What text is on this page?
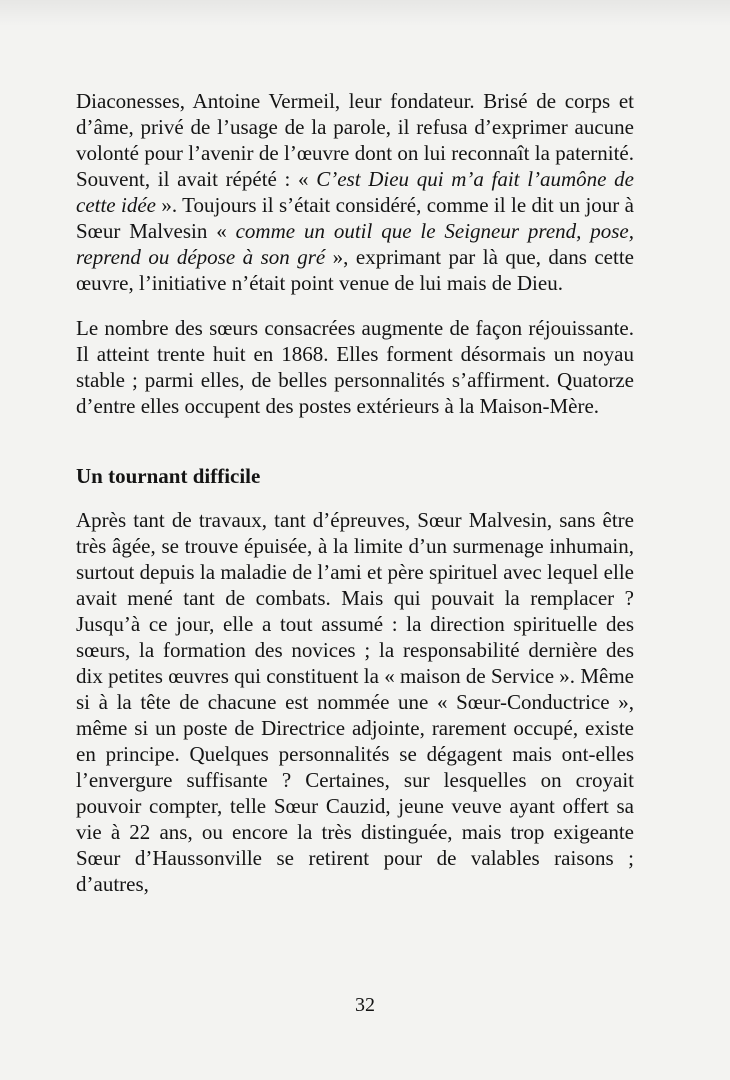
Diaconesses, Antoine Vermeil, leur fondateur. Brisé de corps et d’âme, privé de l’usage de la parole, il refusa d’exprimer aucune volonté pour l’avenir de l’œuvre dont on lui reconnaît la paternité. Souvent, il avait répété : « C’est Dieu qui m’a fait l’aumône de cette idée ». Toujours il s’était considéré, comme il le dit un jour à Sœur Malvesin « comme un outil que le Seigneur prend, pose, reprend ou dépose à son gré », exprimant par là que, dans cette œuvre, l’initiative n’était point venue de lui mais de Dieu.

Le nombre des sœurs consacrées augmente de façon réjouissante. Il atteint trente huit en 1868. Elles forment désormais un noyau stable ; parmi elles, de belles personnalités s’affirment. Quatorze d’entre elles occupent des postes extérieurs à la Maison-Mère.

Un tournant difficile

Après tant de travaux, tant d’épreuves, Sœur Malvesin, sans être très âgée, se trouve épuisée, à la limite d’un surmenage inhumain, surtout depuis la maladie de l’ami et père spirituel avec lequel elle avait mené tant de combats. Mais qui pouvait la remplacer ? Jusqu’à ce jour, elle a tout assumé : la direction spirituelle des sœurs, la formation des novices ; la responsabilité dernière des dix petites œuvres qui constituent la « maison de Service ». Même si à la tête de chacune est nommée une « Sœur-Conductrice », même si un poste de Directrice adjointe, rarement occupé, existe en principe. Quelques personnalités se dégagent mais ont-elles l’envergure suffisante ? Certaines, sur lesquelles on croyait pouvoir compter, telle Sœur Cauzid, jeune veuve ayant offert sa vie à 22 ans, ou encore la très distinguée, mais trop exigeante Sœur d’Haussonville se retirent pour de valables raisons ; d’autres,

32
